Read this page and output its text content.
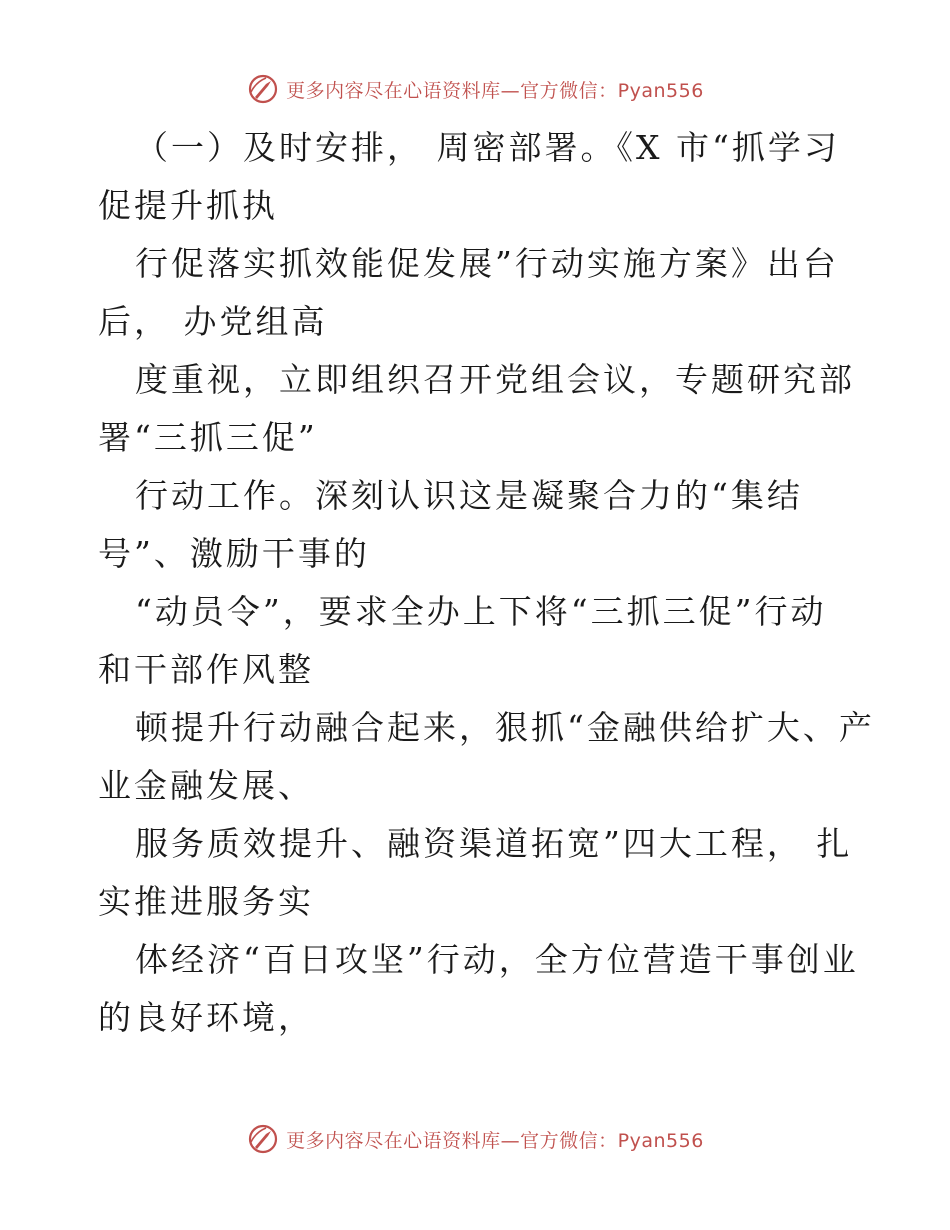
更多内容尽在心语资料库—官方微信：Pyan556
（一）及时安排， 周密部署。《X 市“抓学习
促提升抓执
行促落实抓效能促发展”行动实施方案》出台
后， 办党组高
度重视，立即组织召开党组会议，专题研究部
署“三抓三促”
行动工作。深刻认识这是凝聚合力的“集结
号”、激励干事的
“动员令”，要求全办上下将“三抓三促”行动
和干部作风整
顿提升行动融合起来，狠抓“金融供给扩大、产
业金融发展、
服务质效提升、融资渠道拓宽”四大工程， 扎
实推进服务实
体经济“百日攻坚”行动，全方位营造干事创业
的良好环境，
更多内容尽在心语资料库—官方微信：Pyan556
